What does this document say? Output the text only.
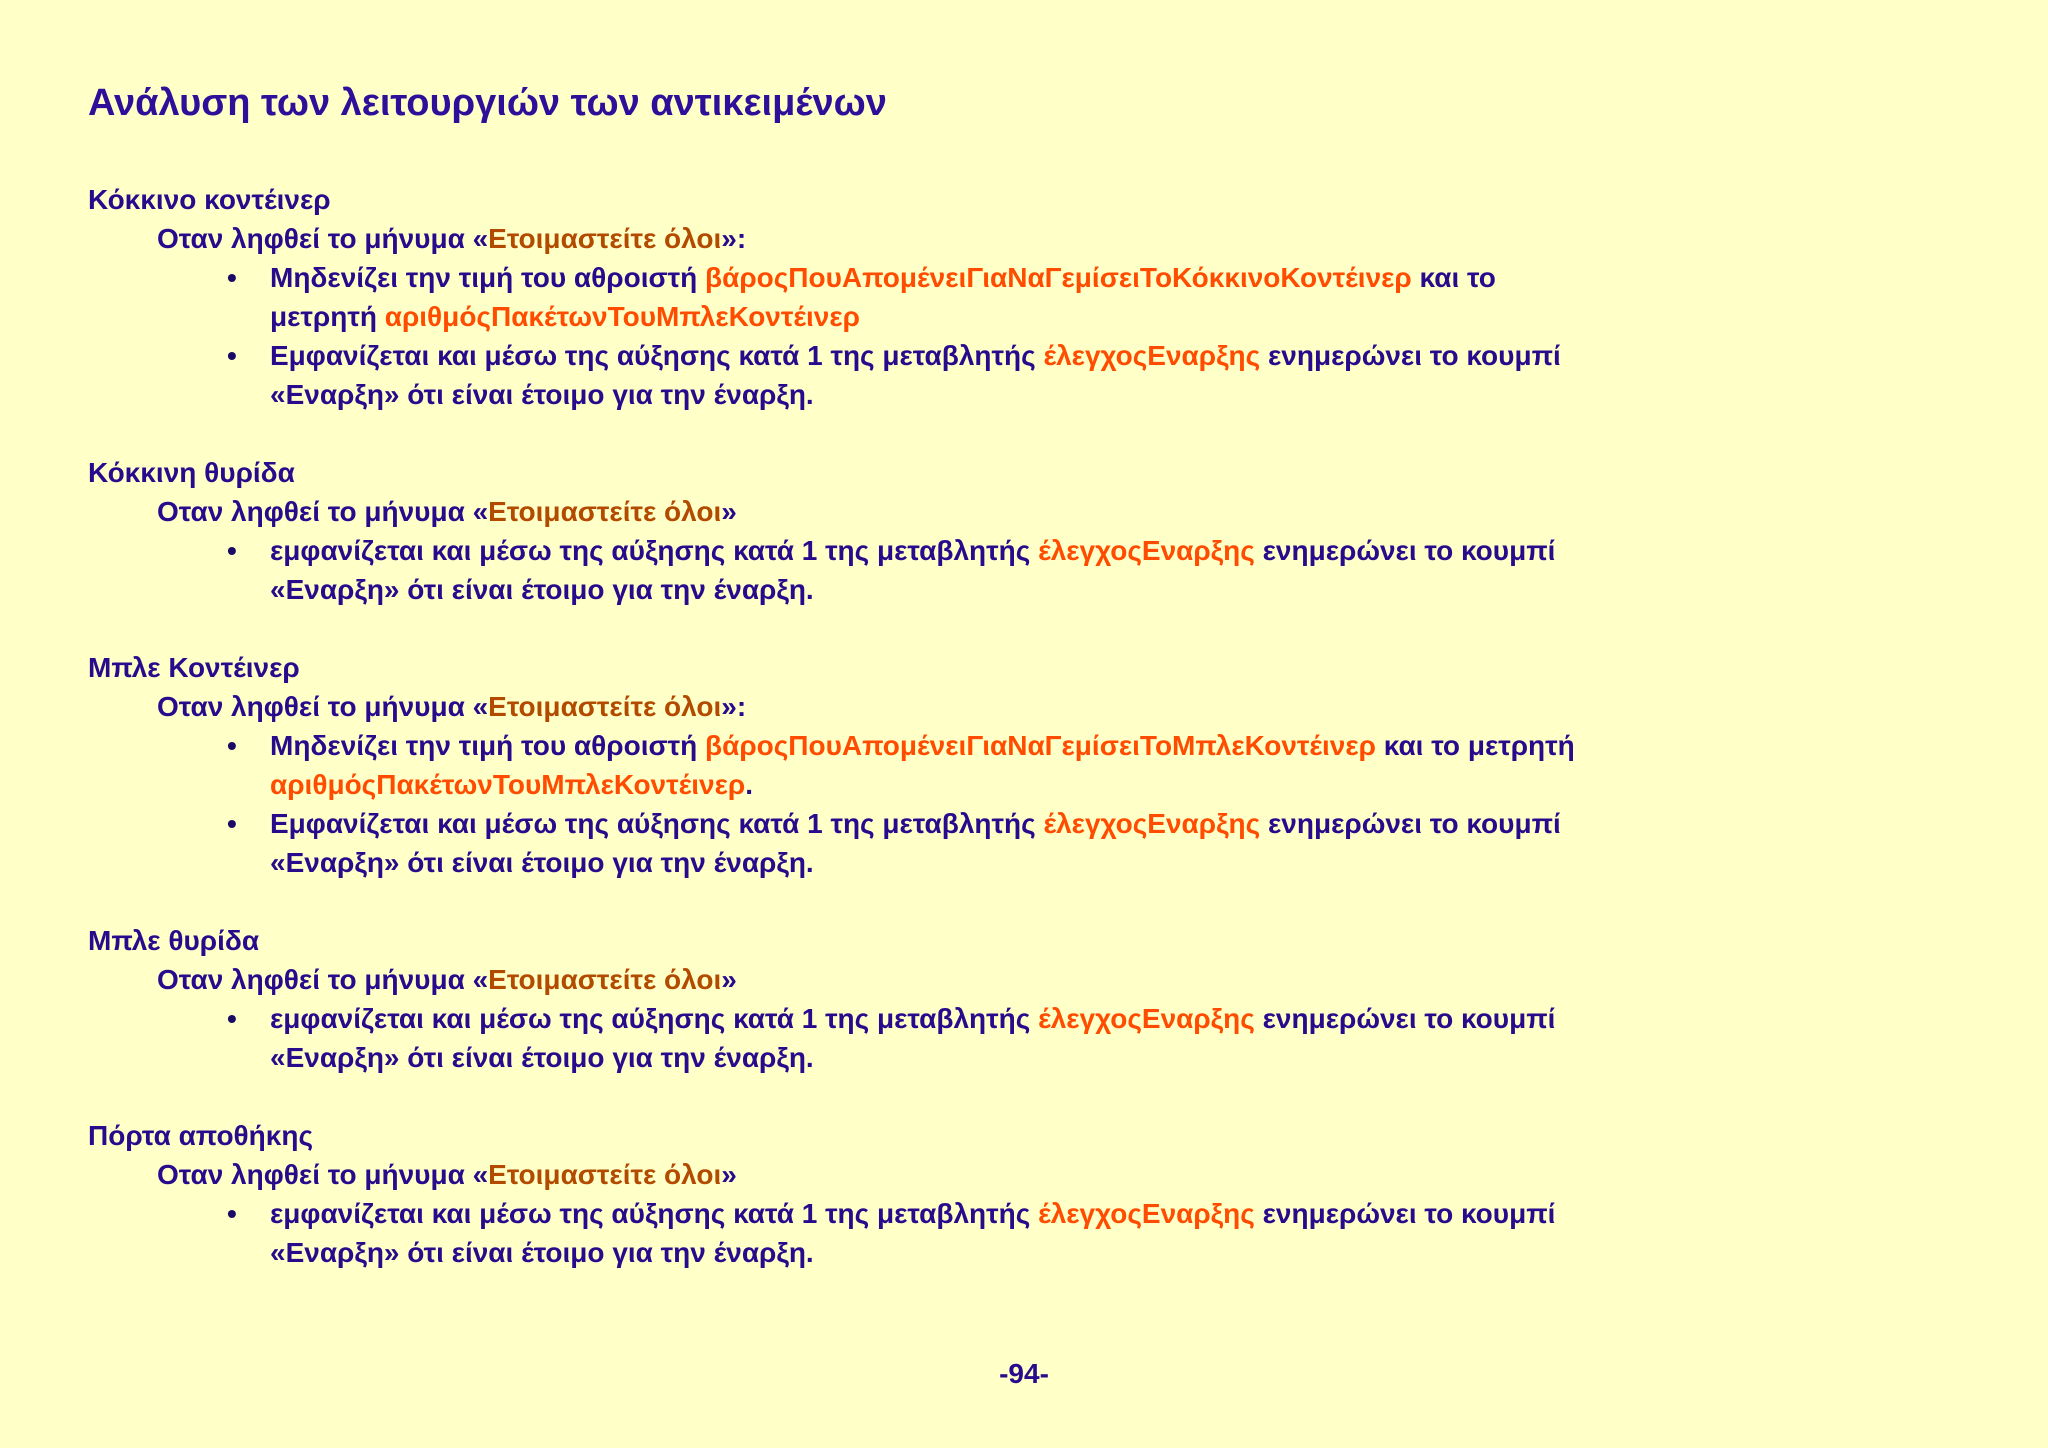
Ανάλυση των λειτουργιών των αντικειμένων
Κόκκινο κοντέινερ
Οταν ληφθεί το μήνυμα «Ετοιμαστείτε όλοι»:
• Μηδενίζει την τιμή του αθροιστή βάροςΠουΑπομένειΓιαΝαΓεμίσειΤοΚόκκινοΚοντέινερ και το μετρητή αριθμόςΠακέτωνΤουΜπλεΚοντέινερ
• Εμφανίζεται και μέσω της αύξησης κατά 1 της μεταβλητής έλεγχοςΕναρξης ενημερώνει το κουμπί «Εναρξη» ότι είναι έτοιμο για την έναρξη.
Κόκκινη θυρίδα
Οταν ληφθεί το μήνυμα «Ετοιμαστείτε όλοι»
• εμφανίζεται και μέσω της αύξησης κατά 1 της μεταβλητής έλεγχοςΕναρξης ενημερώνει το κουμπί «Εναρξη» ότι είναι έτοιμο για την έναρξη.
Μπλε Κοντέινερ
Οταν ληφθεί το μήνυμα «Ετοιμαστείτε όλοι»:
• Μηδενίζει την τιμή του αθροιστή βάροςΠουΑπομένειΓιαΝαΓεμίσειΤοΜπλεΚοντέινερ και το μετρητή αριθμόςΠακέτωνΤουΜπλεΚοντέινερ.
• Εμφανίζεται και μέσω της αύξησης κατά 1 της μεταβλητής έλεγχοςΕναρξης ενημερώνει το κουμπί «Εναρξη» ότι είναι έτοιμο για την έναρξη.
Μπλε θυρίδα
Οταν ληφθεί το μήνυμα «Ετοιμαστείτε όλοι»
• εμφανίζεται και μέσω της αύξησης κατά 1 της μεταβλητής έλεγχοςΕναρξης ενημερώνει το κουμπί «Εναρξη» ότι είναι έτοιμο για την έναρξη.
Πόρτα αποθήκης
Οταν ληφθεί το μήνυμα «Ετοιμαστείτε όλοι»
• εμφανίζεται και μέσω της αύξησης κατά 1 της μεταβλητής έλεγχοςΕναρξης ενημερώνει το κουμπί «Εναρξη» ότι είναι έτοιμο για την έναρξη.
-94-
